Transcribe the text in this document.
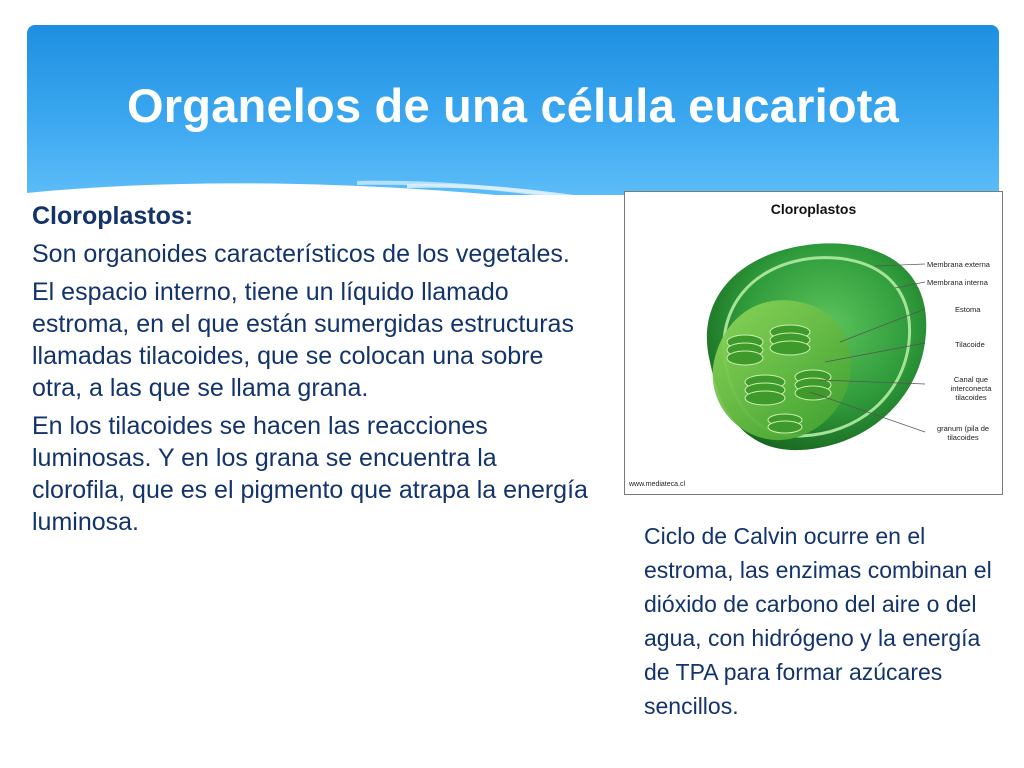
Organelos de una célula eucariota

Cloroplastos:

Son organoides característicos de los vegetales.

El espacio interno, tiene un líquido llamado estroma, en el que están sumergidas estructuras llamadas tilacoides, que se colocan una sobre otra, a las que se llama grana.

En los tilacoides se hacen las reacciones luminosas. Y en los grana se encuentra la clorofila, que es el pigmento que atrapa la energía luminosa.

Cloroplastos
Membrana externa
Membrana interna
Estoma
Tilacoide
Canal que interconecta tilacoides
granum (pila de tilacoides
www.mediateca.cl
Ciclo de Calvin ocurre en el estroma, las enzimas combinan el dióxido de carbono del aire o del agua, con hidrógeno y la energía de TPA para formar azúcares sencillos.
